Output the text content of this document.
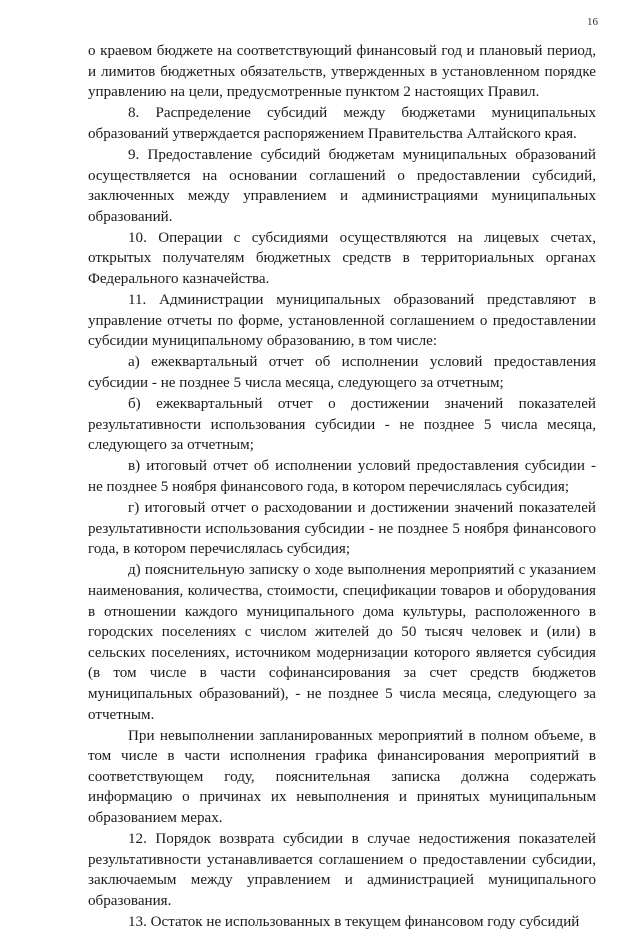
16

о краевом бюджете на соответствующий финансовый год и плановый период, и лимитов бюджетных обязательств, утвержденных в установленном порядке управлению на цели, предусмотренные пунктом 2 настоящих Правил.

8. Распределение субсидий между бюджетами муниципальных образований утверждается распоряжением Правительства Алтайского края.

9. Предоставление субсидий бюджетам муниципальных образований осуществляется на основании соглашений о предоставлении субсидий, заключенных между управлением и администрациями муниципальных образований.

10. Операции с субсидиями осуществляются на лицевых счетах, открытых получателям бюджетных средств в территориальных органах Федерального казначейства.

11. Администрации муниципальных образований представляют в управление отчеты по форме, установленной соглашением о предоставлении субсидии муниципальному образованию, в том числе:

а) ежеквартальный отчет об исполнении условий предоставления субсидии - не позднее 5 числа месяца, следующего за отчетным;

б) ежеквартальный отчет о достижении значений показателей результативности использования субсидии - не позднее 5 числа месяца, следующего за отчетным;

в) итоговый отчет об исполнении условий предоставления субсидии - не позднее 5 ноября финансового года, в котором перечислялась субсидия;

г) итоговый отчет о расходовании и достижении значений показателей результативности использования субсидии - не позднее 5 ноября финансового года, в котором перечислялась субсидия;

д) пояснительную записку о ходе выполнения мероприятий с указанием наименования, количества, стоимости, спецификации товаров и оборудования в отношении каждого муниципального дома культуры, расположенного в городских поселениях с числом жителей до 50 тысяч человек и (или) в сельских поселениях, источником модернизации которого является субсидия (в том числе в части софинансирования за счет средств бюджетов муниципальных образований), - не позднее 5 числа месяца, следующего за отчетным.

При невыполнении запланированных мероприятий в полном объеме, в том числе в части исполнения графика финансирования мероприятий в соответствующем году, пояснительная записка должна содержать информацию о причинах их невыполнения и принятых муниципальным образованием мерах.

12. Порядок возврата субсидии в случае недостижения показателей результативности устанавливается соглашением о предоставлении субсидии, заключаемым между управлением и администрацией муниципального образования.

13. Остаток не использованных в текущем финансовом году субсидий
